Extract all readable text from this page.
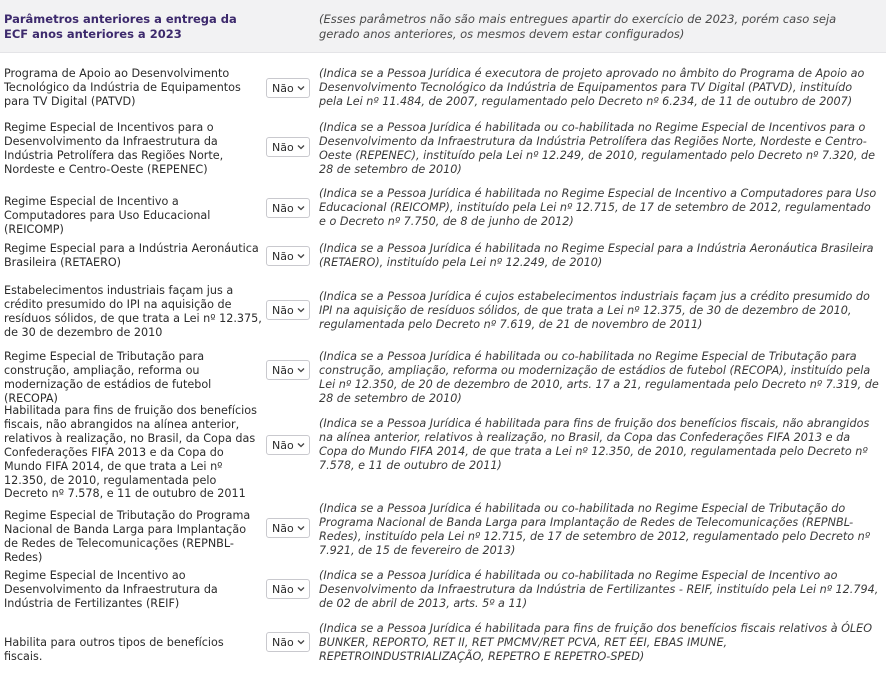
Parâmetros anteriores a entrega da ECF anos anteriores a 2023
(Esses parâmetros não são mais entregues apartir do exercício de 2023, porém caso seja gerado anos anteriores, os mesmos devem estar configurados)
Programa de Apoio ao Desenvolvimento Tecnológico da Indústria de Equipamentos para TV Digital (PATVD)
Não
(Indica se a Pessoa Jurídica é executora de projeto aprovado no âmbito do Programa de Apoio ao Desenvolvimento Tecnológico da Indústria de Equipamentos para TV Digital (PATVD), instituído pela Lei nº 11.484, de 2007, regulamentado pelo Decreto nº 6.234, de 11 de outubro de 2007)
Regime Especial de Incentivos para o Desenvolvimento da Infraestrutura da Indústria Petrolífera das Regiões Norte, Nordeste e Centro-Oeste (REPENEC)
Não
(Indica se a Pessoa Jurídica é habilitada ou co-habilitada no Regime Especial de Incentivos para o Desenvolvimento da Infraestrutura da Indústria Petrolífera das Regiões Norte, Nordeste e Centro-Oeste (REPENEC), instituído pela Lei nº 12.249, de 2010, regulamentado pelo Decreto nº 7.320, de 28 de setembro de 2010)
Regime Especial de Incentivo a Computadores para Uso Educacional (REICOMP)
Não
(Indica se a Pessoa Jurídica é habilitada no Regime Especial de Incentivo a Computadores para Uso Educacional (REICOMP), instituído pela Lei nº 12.715, de 17 de setembro de 2012, regulamentado e o Decreto nº 7.750, de 8 de junho de 2012)
Regime Especial para a Indústria Aeronáutica Brasileira (RETAERO)	Não
(Indica se a Pessoa Jurídica é habilitada no Regime Especial para a Indústria Aeronáutica Brasileira (RETAERO), instituído pela Lei nº 12.249, de 2010)
Estabelecimentos industriais façam jus a crédito presumido do IPI na aquisição de resíduos sólidos, de que trata a Lei nº 12.375, de 30 de dezembro de 2010
Não
(Indica se a Pessoa Jurídica é cujos estabelecimentos industriais façam jus a crédito presumido do IPI na aquisição de resíduos sólidos, de que trata a Lei nº 12.375, de 30 de dezembro de 2010, regulamentada pelo Decreto nº 7.619, de 21 de novembro de 2011)
Regime Especial de Tributação para construção, ampliação, reforma ou modernização de estádios de futebol (RECOPA)
Não
(Indica se a Pessoa Jurídica é habilitada ou co-habilitada no Regime Especial de Tributação para construção, ampliação, reforma ou modernização de estádios de futebol (RECOPA), instituído pela Lei nº 12.350, de 20 de dezembro de 2010, arts. 17 a 21, regulamentada pelo Decreto nº 7.319, de 28 de setembro de 2010)
Habilitada para fins de fruição dos benefícios fiscais, não abrangidos na alínea anterior, relativos à realização, no Brasil, da Copa das Confederações FIFA 2013 e da Copa do Mundo FIFA 2014, de que trata a Lei nº 12.350, de 2010, regulamentada pelo Decreto nº 7.578, e 11 de outubro de 2011
Não
(Indica se a Pessoa Jurídica é habilitada para fins de fruição dos benefícios fiscais, não abrangidos na alínea anterior, relativos à realização, no Brasil, da Copa das Confederações FIFA 2013 e da Copa do Mundo FIFA 2014, de que trata a Lei nº 12.350, de 2010, regulamentada pelo Decreto nº 7.578, e 11 de outubro de 2011)
Regime Especial de Tributação do Programa Nacional de Banda Larga para Implantação de Redes de Telecomunicações (REPNBL-Redes)
Não
(Indica se a Pessoa Jurídica é habilitada ou co-habilitada no Regime Especial de Tributação do Programa Nacional de Banda Larga para Implantação de Redes de Telecomunicações (REPNBL-Redes), instituído pela Lei nº 12.715, de 17 de setembro de 2012, regulamentado pelo Decreto nº 7.921, de 15 de fevereiro de 2013)
Regime Especial de Incentivo ao Desenvolvimento da Infraestrutura da Indústria de Fertilizantes (REIF)
Não
(Indica se a Pessoa Jurídica é habilitada ou co-habilitada no Regime Especial de Incentivo ao Desenvolvimento da Infraestrutura da Indústria de Fertilizantes - REIF, instituído pela Lei nº 12.794, de 02 de abril de 2013, arts. 5º a 11)
Habilita para outros tipos de benefícios fiscais.
Não
(Indica se a Pessoa Jurídica é habilitada para fins de fruição dos benefícios fiscais relativos à ÓLEO BUNKER, REPORTO, RET II, RET PMCMV/RET PCVA, RET EEI, EBAS IMUNE, REPETROINDUSTRIALIZAÇÃO, REPETRO E REPETRO-SPED)
